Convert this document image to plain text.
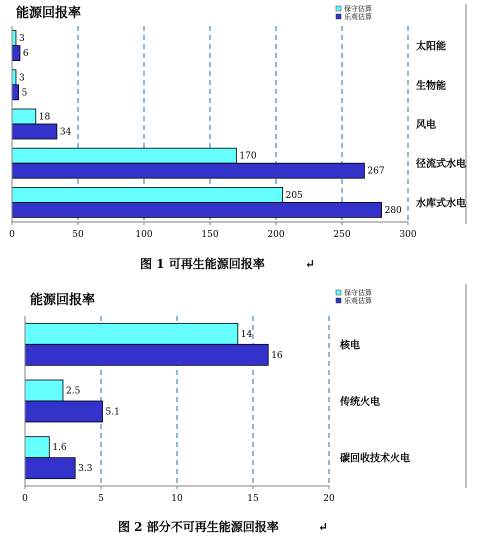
能源回报率	保守估算
乐观估算
3
6
太阳能
3
5
生物能
18
34
风电
170
267
径流式水电
205
280
水库式水电
0	50	100	150	200	250	300
图 1 可再生能源回报率	↵
能源回报率	保守估算
乐观估算
14
16
核电
2.5
5.1
传统火电
1.6
3.3
碳回收技术火电
0	5	10	15	20
图 2 部分不可再生能源回报率	↵
